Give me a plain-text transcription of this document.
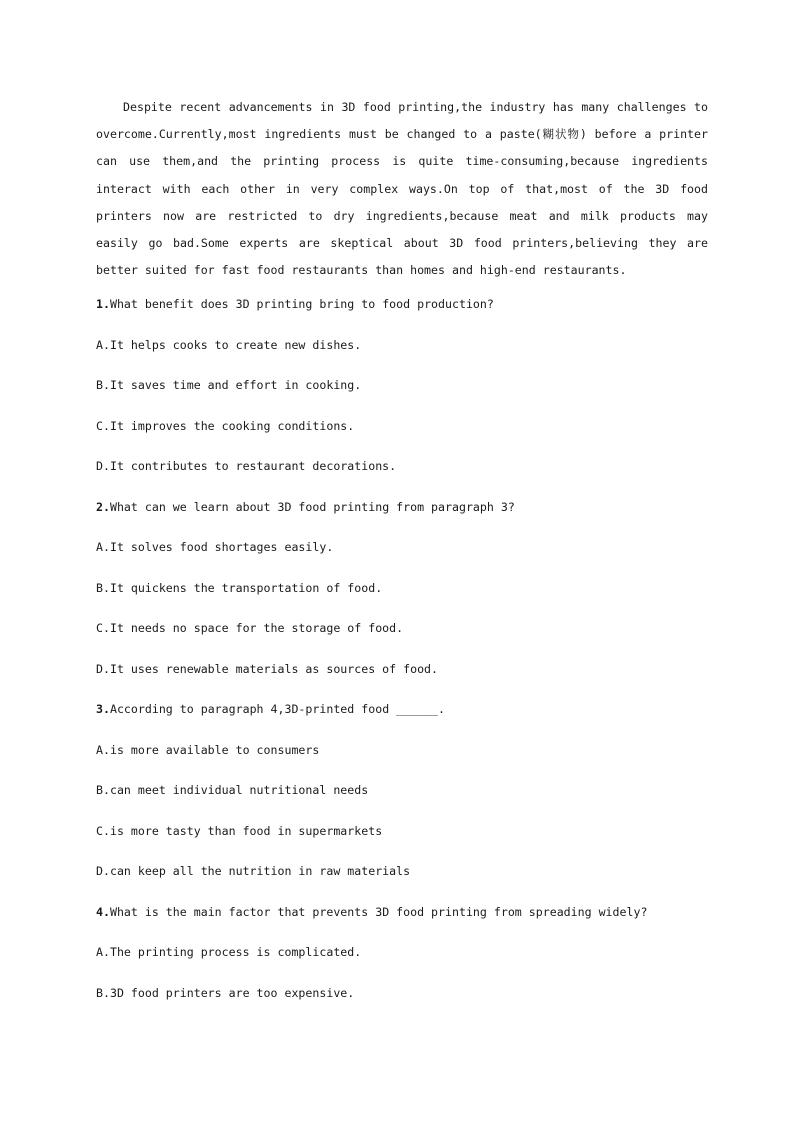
Despite recent advancements in 3D food printing,the industry has many challenges to overcome.Currently,most ingredients must be changed to a paste(糊状物) before a printer can use them,and the printing process is quite time-consuming,because ingredients interact with each other in very complex ways.On top of that,most of the 3D food printers now are restricted to dry ingredients,because meat and milk products may easily go bad.Some experts are skeptical about 3D food printers,believing they are better suited for fast food restaurants than homes and high-end restaurants.

1.What benefit does 3D printing bring to food production?
A.It helps cooks to create new dishes.
B.It saves time and effort in cooking.
C.It improves the cooking conditions.
D.It contributes to restaurant decorations.
2.What can we learn about 3D food printing from paragraph 3?
A.It solves food shortages easily.
B.It quickens the transportation of food.
C.It needs no space for the storage of food.
D.It uses renewable materials as sources of food.
3.According to paragraph 4,3D-printed food ______.
A.is more available to consumers
B.can meet individual nutritional needs
C.is more tasty than food in supermarkets
D.can keep all the nutrition in raw materials
4.What is the main factor that prevents 3D food printing from spreading widely?
A.The printing process is complicated.
B.3D food printers are too expensive.
